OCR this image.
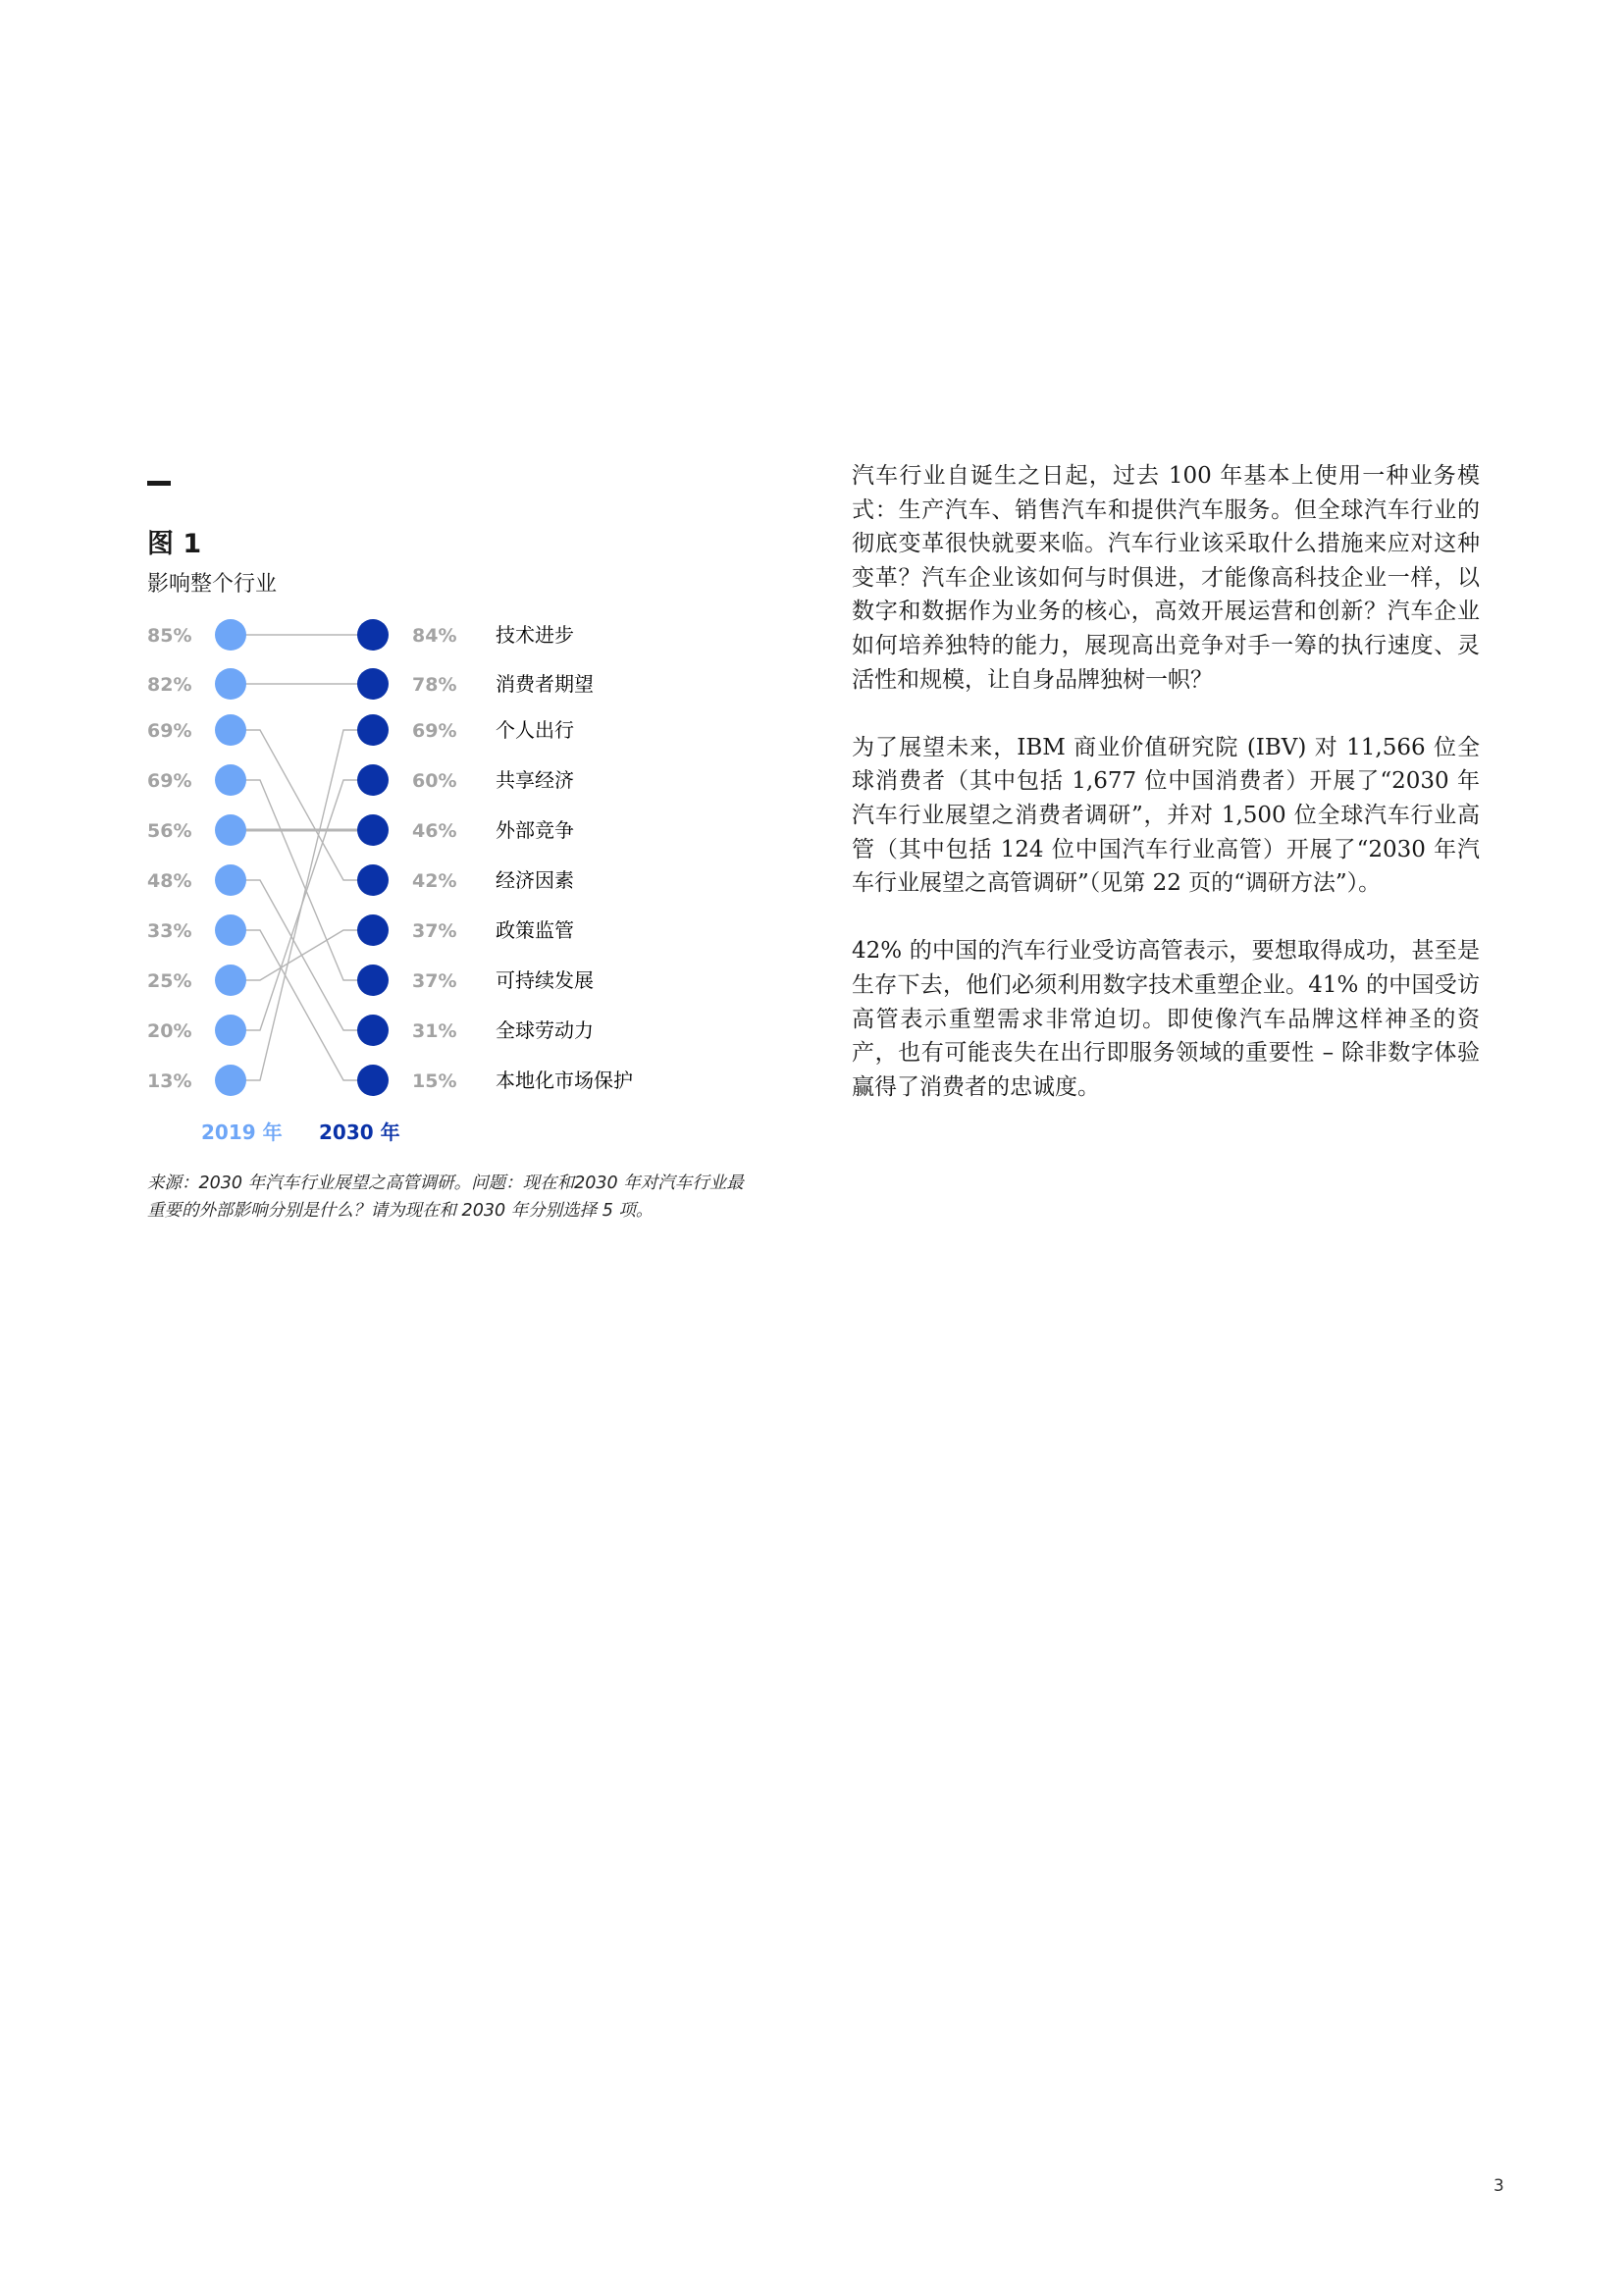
图 1
影响整个行业
85%	84% 技术进步
82%	78% 消费者期望
69%	69% 个人出行
69%	60% 共享经济
56%	46% 外部竞争
48%	42% 经济因素
33%	37% 政策监管
25%	37% 可持续发展
20%	31% 全球劳动力
13%	15% 本地化市场保护
2019 年 2030 年
来源：2030 年汽车行业展望之高管调研。问题：现在和2030 年对汽车行业最重要的外部影响分别是什么？请为现在和 2030 年分别选择 5 项。

汽车行业自诞生之日起，过去 100 年基本上使用一种业务模式：生产汽车、销售汽车和提供汽车服务。但全球汽车行业的彻底变革很快就要来临。汽车行业该采取什么措施来应对这种变革？汽车企业该如何与时俱进，才能像高科技企业一样，以数字和数据作为业务的核心，高效开展运营和创新？汽车企业如何培养独特的能力，展现高出竞争对手一筹的执行速度、灵活性和规模，让自身品牌独树一帜？

为了展望未来，IBM 商业价值研究院 (IBV) 对 11,566 位全球消费者（其中包括 1,677 位中国消费者）开展了“2030 年汽车行业展望之消费者调研”，并对 1,500 位全球汽车行业高管（其中包括 124 位中国汽车行业高管）开展了“2030 年汽车行业展望之高管调研”（见第 22 页的“调研方法”）。

42% 的中国的汽车行业受访高管表示，要想取得成功，甚至是生存下去，他们必须利用数字技术重塑企业。41% 的中国受访高管表示重塑需求非常迫切。即使像汽车品牌这样神圣的资产，也有可能丧失在出行即服务领域的重要性 – 除非数字体验赢得了消费者的忠诚度。

3
